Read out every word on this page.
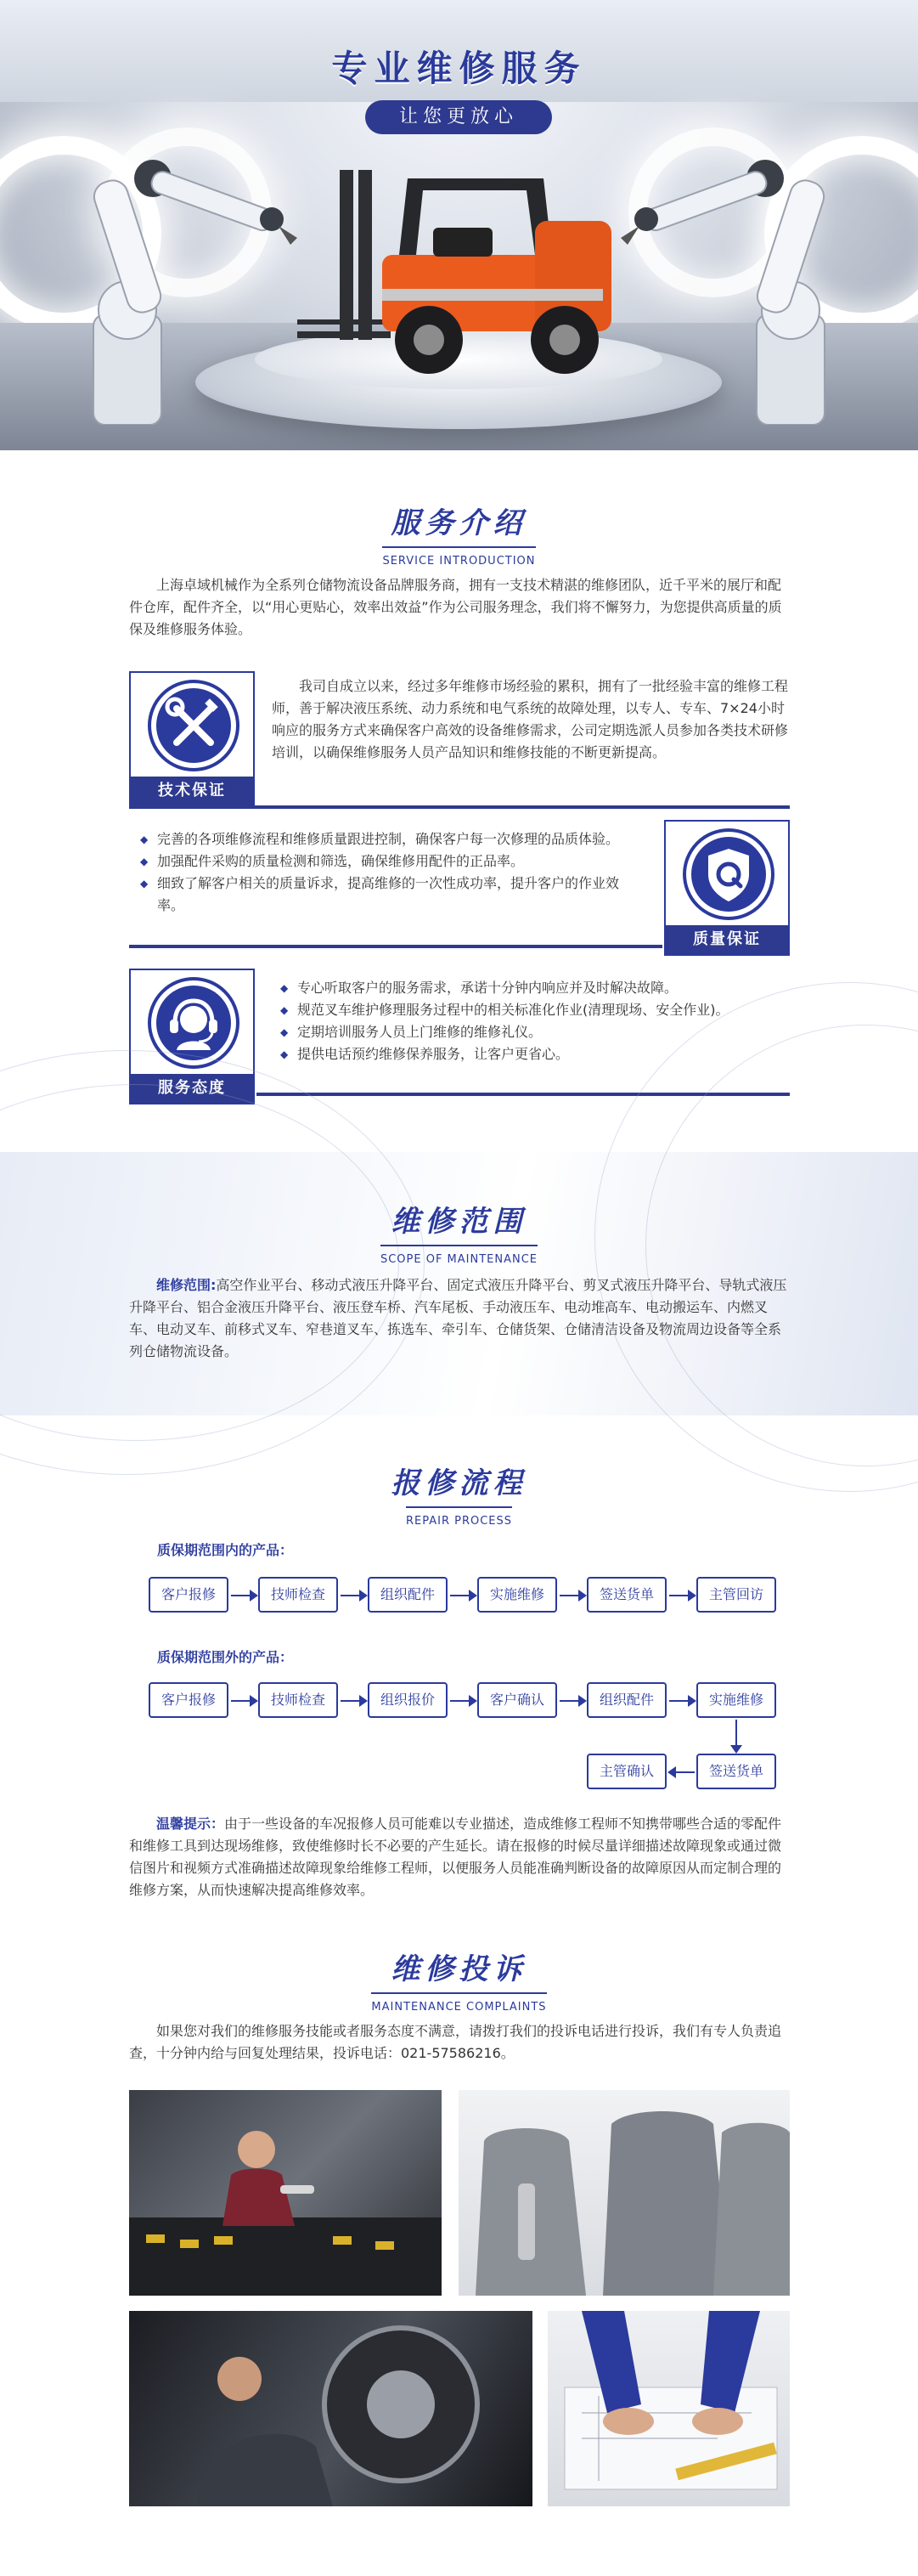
专业维修服务
让您更放心
服务介绍
SERVICE INTRODUCTION

上海卓域机械作为全系列仓储物流设备品牌服务商，拥有一支技术精湛的维修团队，近千平米的展厅和配件仓库，配件齐全，以“用心更贴心，效率出效益”作为公司服务理念，我们将不懈努力，为您提供高质量的质保及维修服务体验。

技术保证

我司自成立以来，经过多年维修市场经验的累积，拥有了一批经验丰富的维修工程师，善于解决液压系统、动力系统和电气系统的故障处理，以专人、专车、7×24小时响应的服务方式来确保客户高效的设备维修需求，公司定期选派人员参加各类技术研修培训，以确保维修服务人员产品知识和维修技能的不断更新提高。

◆ 完善的各项维修流程和维修质量跟进控制，确保客户每一次修理的品质体验。
◆ 加强配件采购的质量检测和筛选，确保维修用配件的正品率。
◆ 细致了解客户相关的质量诉求，提高维修的一次性成功率，提升客户的作业效率。
质量保证
服务态度
◆ 专心听取客户的服务需求，承诺十分钟内响应并及时解决故障。
◆ 规范叉车维护修理服务过程中的相关标准化作业(清理现场、安全作业)。
◆ 定期培训服务人员上门维修的维修礼仪。
◆ 提供电话预约维修保养服务，让客户更省心。
维修范围
SCOPE OF MAINTENANCE

维修范围:高空作业平台、移动式液压升降平台、固定式液压升降平台、剪叉式液压升降平台、导轨式液压升降平台、铝合金液压升降平台、液压登车桥、汽车尾板、手动液压车、电动堆高车、电动搬运车、内燃叉车、电动叉车、前移式叉车、窄巷道叉车、拣选车、牵引车、仓储货架、仓储清洁设备及物流周边设备等全系列仓储物流设备。

报修流程
REPAIR PROCESS
质保期范围内的产品：
客户报修	技师检查	组织配件	实施维修	签送货单	主管回访
质保期范围外的产品：
客户报修	技师检查	组织报价	客户确认	组织配件	实施维修
签送货单
主管确认

温馨提示：由于一些设备的车况报修人员可能难以专业描述，造成维修工程师不知携带哪些合适的零配件和维修工具到达现场维修，致使维修时长不必要的产生延长。请在报修的时候尽量详细描述故障现象或通过微信图片和视频方式准确描述故障现象给维修工程师，以便服务人员能准确判断设备的故障原因从而定制合理的维修方案，从而快速解决提高维修效率。

维修投诉
MAINTENANCE COMPLAINTS

如果您对我们的维修服务技能或者服务态度不满意，请拨打我们的投诉电话进行投诉，我们有专人负责追查，十分钟内给与回复处理结果，投诉电话：021-57586216。
